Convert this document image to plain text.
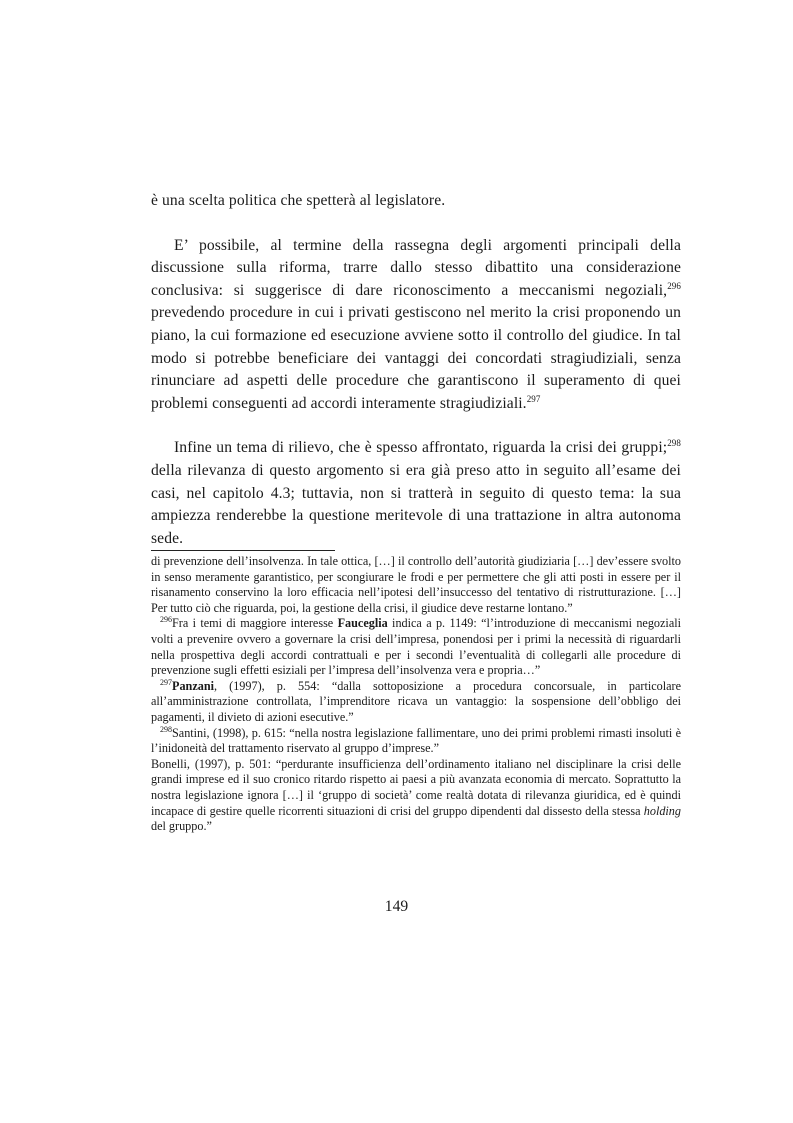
è una scelta politica che spetterà al legislatore.

E’ possibile, al termine della rassegna degli argomenti principali della discussione sulla riforma, trarre dallo stesso dibattito una considerazione conclusiva: si suggerisce di dare riconoscimento a meccanismi negoziali,$^{296}$ prevedendo procedure in cui i privati gestiscono nel merito la crisi proponendo un piano, la cui formazione ed esecuzione avviene sotto il controllo del giudice. In tal modo si potrebbe beneficiare dei vantaggi dei concordati stragiudiziali, senza rinunciare ad aspetti delle procedure che garantiscono il superamento di quei problemi conseguenti ad accordi interamente stragiudiziali.$^{297}$

Infine un tema di rilievo, che è spesso affrontato, riguarda la crisi dei gruppi;$^{298}$ della rilevanza di questo argomento si era già preso atto in seguito all’esame dei casi, nel capitolo 4.3; tuttavia, non si tratterà in seguito di questo tema: la sua ampiezza renderebbe la questione meritevole di una trattazione in altra autonoma sede.

di prevenzione dell’insolvenza. In tale ottica, […] il controllo dell’autorità giudiziaria […] dev’essere svolto in senso meramente garantistico, per scongiurare le frodi e per permettere che gli atti posti in essere per il risanamento conservino la loro efficacia nell’ipotesi dell’insuccesso del tentativo di ristrutturazione. […] Per tutto ciò che riguarda, poi, la gestione della crisi, il giudice deve restarne lontano.”

$^{296}$Fra i temi di maggiore interesse Fauceglia indica a p. 1149: “l’introduzione di meccanismi negoziali volti a prevenire ovvero a governare la crisi dell’impresa, ponendosi per i primi la necessità di riguardarli nella prospettiva degli accordi contrattuali e per i secondi l’eventualità di collegarli alle procedure di prevenzione sugli effetti esiziali per l’impresa dell’insolvenza vera e propria…”

$^{297}$Panzani, (1997), p. 554: “dalla sottoposizione a procedura concorsuale, in particolare all’amministrazione controllata, l’imprenditore ricava un vantaggio: la sospensione dell’obbligo dei pagamenti, il divieto di azioni esecutive.”

$^{298}$Santini, (1998), p. 615: “nella nostra legislazione fallimentare, uno dei primi problemi rimasti insoluti è l’inidoneità del trattamento riservato al gruppo d’imprese.”

Bonelli, (1997), p. 501: “perdurante insufficienza dell’ordinamento italiano nel disciplinare la crisi delle grandi imprese ed il suo cronico ritardo rispetto ai paesi a più avanzata economia di mercato. Soprattutto la nostra legislazione ignora […] il ‘gruppo di società’ come realtà dotata di rilevanza giuridica, ed è quindi incapace di gestire quelle ricorrenti situazioni di crisi del gruppo dipendenti dal dissesto della stessa holding del gruppo.”

149
